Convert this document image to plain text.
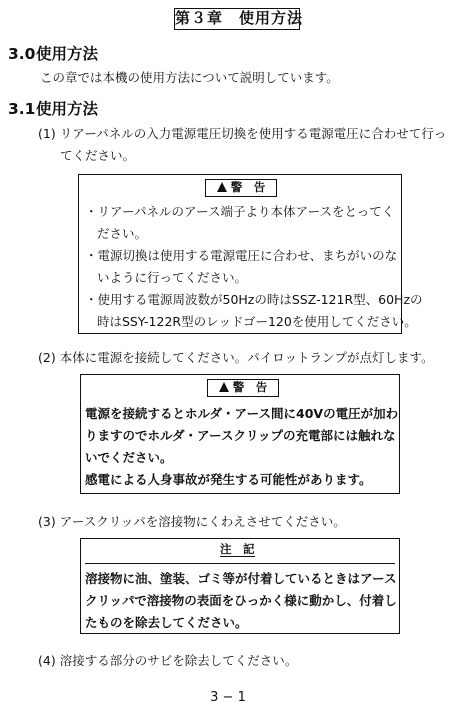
第３章　使用方法
3.0使用方法
この章では本機の使用方法について説明しています。
3.1使用方法
(1) リアーパネルの入力電源電圧切換を使用する電源電圧に合わせて行っ
てください。
警　告
・リアーパネルのアース端子より本体アースをとってく
ださい。
・電源切換は使用する電源電圧に合わせ、まちがいのな
いように行ってください。
・使用する電源周波数が50Hzの時はSSZ-121R型、60Hzの
時はSSY-122R型のレッドゴー120を使用してください。
(2) 本体に電源を接続してください。パイロットランプが点灯します。
警　告
電源を接続するとホルダ・アース間に40Vの電圧が加わ
りますのでホルダ・アースクリップの充電部には触れな
いでください。
感電による人身事故が発生する可能性があります。
(3) アースクリッパを溶接物にくわえさせてください。
注　記
溶接物に油、塗装、ゴミ等が付着しているときはアース
クリッパで溶接物の表面をひっかく様に動かし、付着し
たものを除去してください。
(4) 溶接する部分のサビを除去してください。
3 − 1
